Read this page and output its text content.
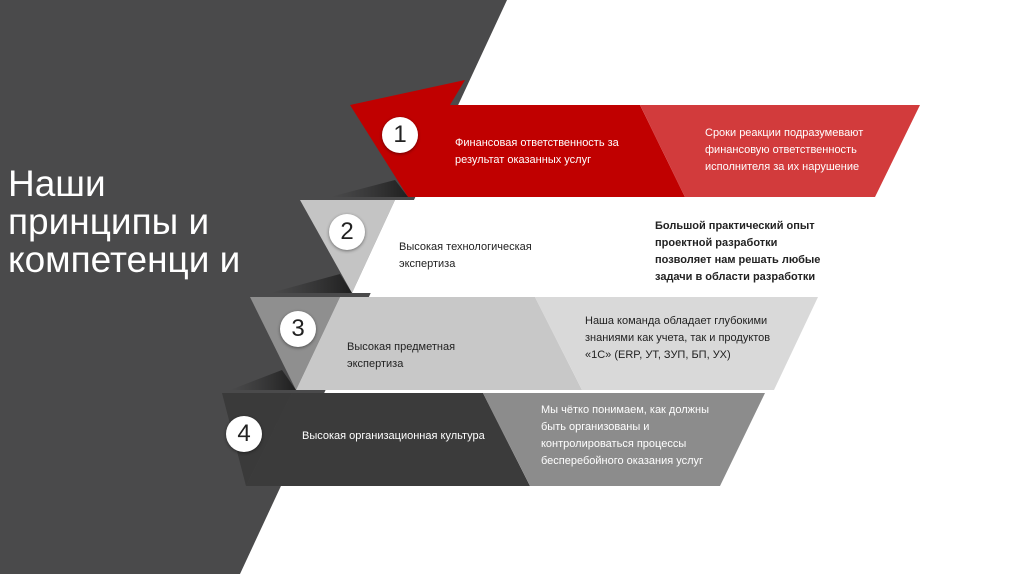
Наши принципы и компетенци и
1
2
3
4
Финансовая ответственность за результат оказанных услуг
Сроки реакции подразумевают финансовую ответственность исполнителя за их нарушение
Высокая технологическая экспертиза
Большой практический опыт проектной разработки позволяет нам решать любые задачи в области разработки
Высокая предметная экспертиза
Наша команда обладает глубокими знаниями как учета, так и продуктов «1С» (ERP, УТ, ЗУП, БП, УХ)
Высокая организационная культура
Мы чётко понимаем, как должны быть организованы и контролироваться процессы бесперебойного оказания услуг
